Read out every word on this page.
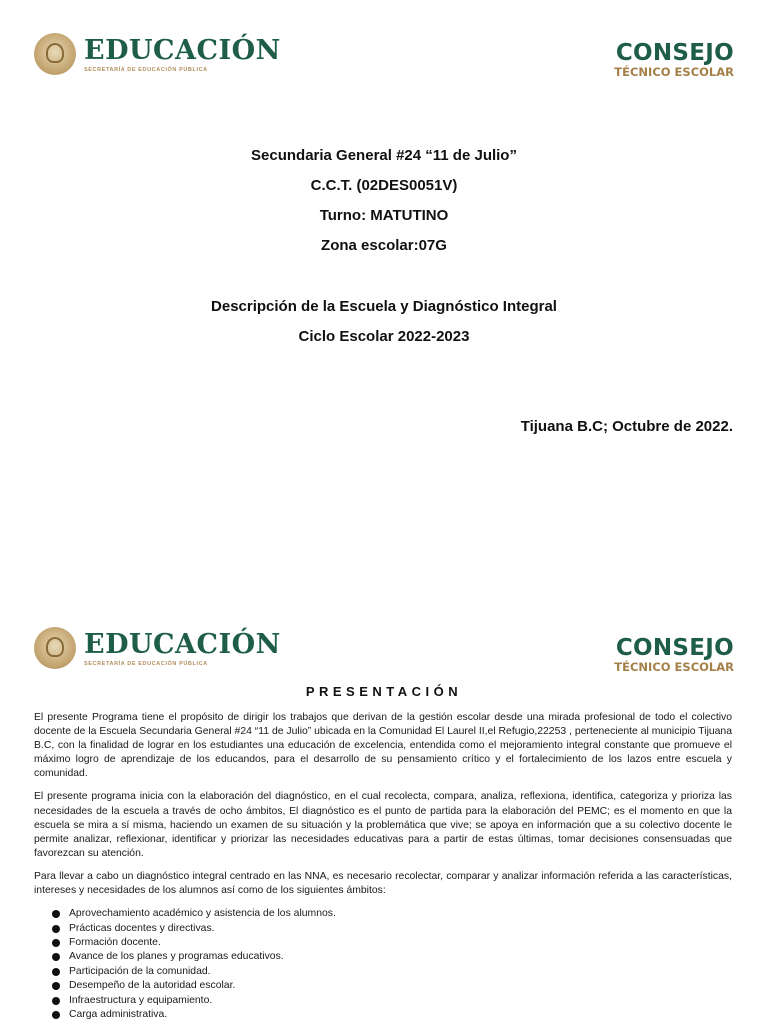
EDUCACIÓN
SECRETARÍA DE EDUCACIÓN PÚBLICA
CONSEJO
TÉCNICO ESCOLAR
Secundaria General #24 “11 de Julio”
C.C.T. (02DES0051V)
Turno: MATUTINO
Zona escolar:07G
Descripción de la Escuela y Diagnóstico Integral
Ciclo Escolar 2022-2023
Tijuana B.C; Octubre de 2022.
EDUCACIÓN
SECRETARÍA DE EDUCACIÓN PÚBLICA
CONSEJO
TÉCNICO ESCOLAR
PRESENTACIÓN

El presente Programa tiene el propósito de dirigir los trabajos que derivan de la gestión escolar desde una mirada profesional de todo el colectivo docente de la Escuela Secundaria General #24 “11 de Julio” ubicada en la Comunidad El Laurel II,el Refugio,22253 , perteneciente al municipio Tijuana B.C, con la finalidad de lograr en los estudiantes una educación de excelencia, entendida como el mejoramiento integral constante que promueve el máximo logro de aprendizaje de los educandos, para el desarrollo de su pensamiento crítico y el fortalecimiento de los lazos entre escuela y comunidad.

El presente programa inicia con la elaboración del diagnóstico, en el cual recolecta, compara, analiza, reflexiona, identifica, categoriza y prioriza las necesidades de la escuela a través de ocho ámbitos, El diagnóstico es el punto de partida para la elaboración del PEMC; es el momento en que la escuela se mira a sí misma, haciendo un examen de su situación y la problemática que vive; se apoya en información que a su colectivo docente le permite analizar, reflexionar, identificar y priorizar las necesidades educativas para a partir de estas últimas, tomar decisiones consensuadas que favorezcan su atención.

Para llevar a cabo un diagnóstico integral centrado en las NNA, es necesario recolectar, comparar y analizar información referida a las características, intereses y necesidades de los alumnos así como de los siguientes ámbitos:

Aprovechamiento académico y asistencia de los alumnos.
Prácticas docentes y directivas.
Formación docente.
Avance de los planes y programas educativos.
Participación de la comunidad.
Desempeño de la autoridad escolar.
Infraestructura y equipamiento.
Carga administrativa.
